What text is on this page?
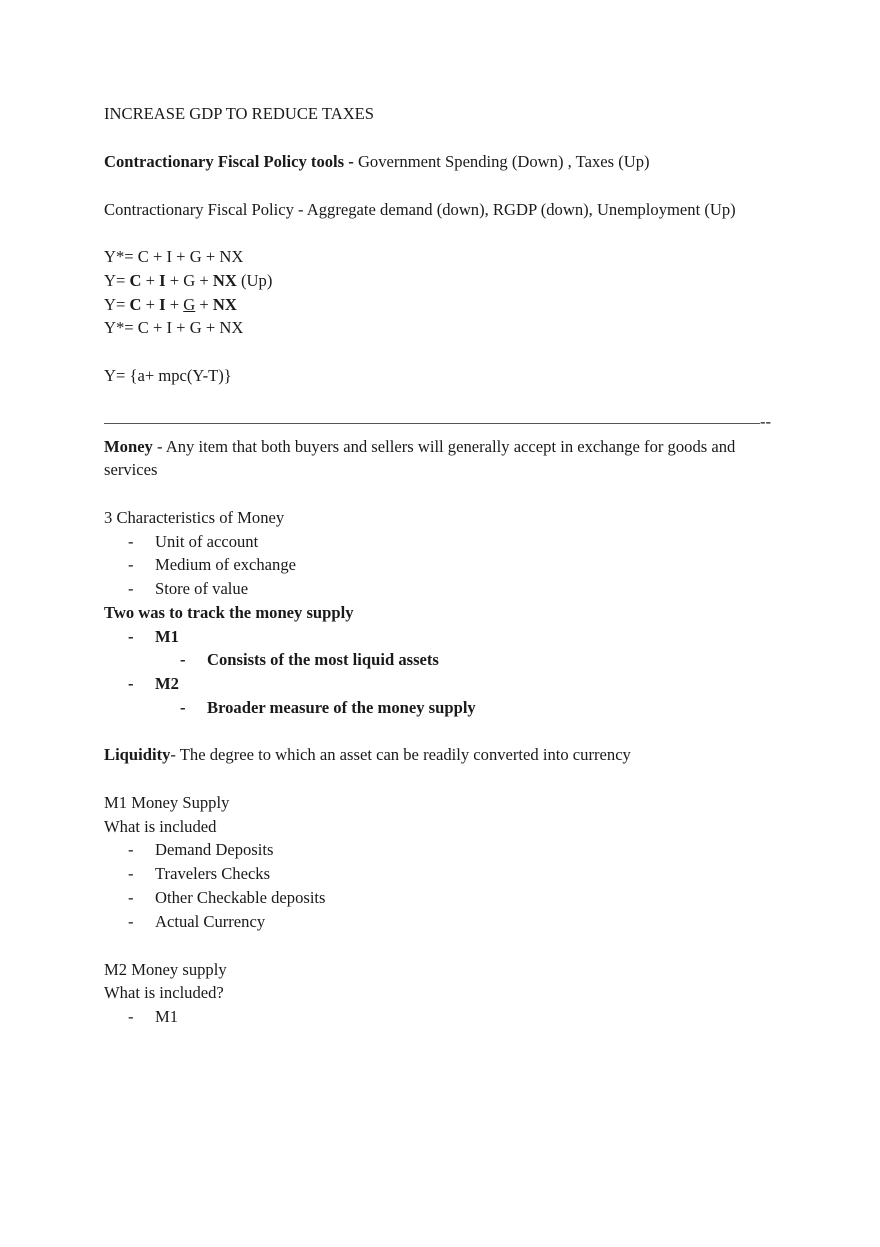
INCREASE GDP TO REDUCE TAXES
Contractionary Fiscal Policy tools - Government Spending (Down) , Taxes (Up)
Contractionary Fiscal Policy - Aggregate demand (down), RGDP (down), Unemployment (Up)
Y*= C + I + G + NX
Y= C + I + G + NX (Up)
Y= C + I + G + NX
Y*= C + I + G + NX
Y= {a+ mpc(Y-T)}
--
Money - Any item that both buyers and sellers will generally accept in exchange for goods and
services
3 Characteristics of Money
- Unit of account
- Medium of exchange
- Store of value
Two was to track the money supply
- M1
- Consists of the most liquid assets
- M2
- Broader measure of the money supply
Liquidity- The degree to which an asset can be readily converted into currency
M1 Money Supply
What is included
- Demand Deposits
- Travelers Checks
- Other Checkable deposits
- Actual Currency
M2 Money supply
What is included?
- M1
